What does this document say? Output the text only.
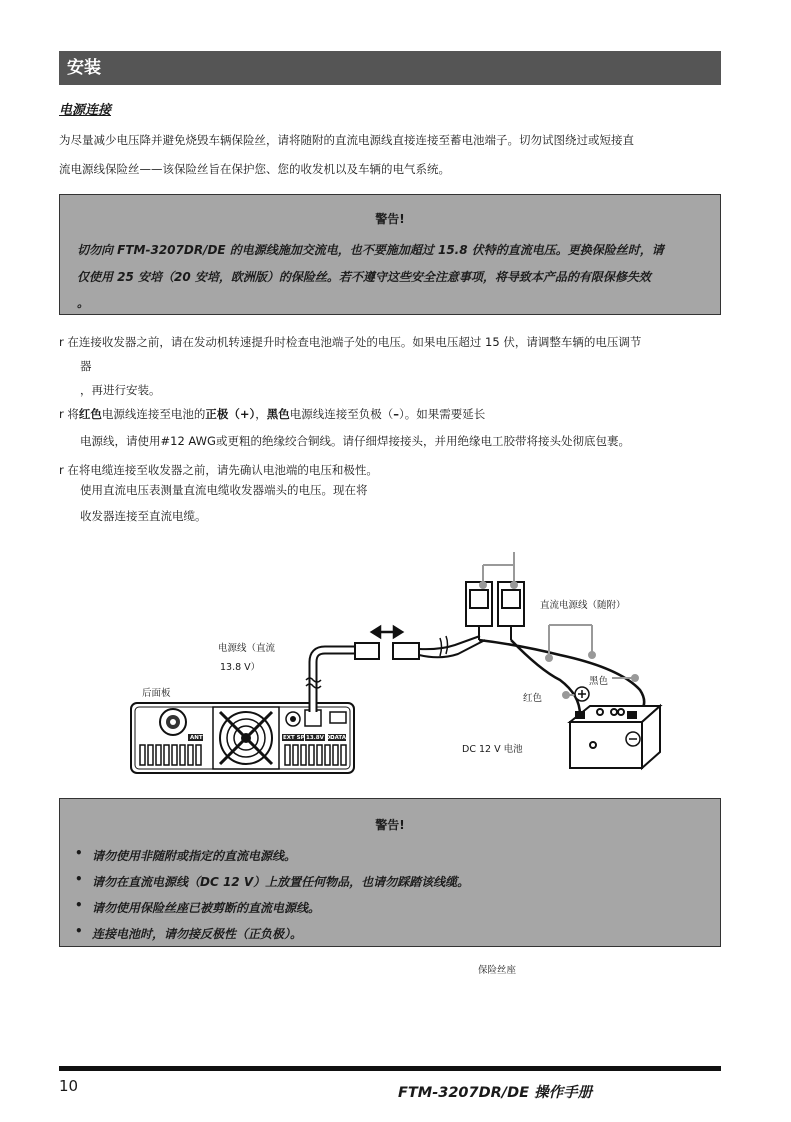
安装
电源连接
为尽量减少电压降并避免烧毁车辆保险丝，请将随附的直流电源线直接连接至蓄电池端子。切勿试图绕过或短接直
流电源线保险丝——该保险丝旨在保护您、您的收发机以及车辆的电气系统。
警告!
切勿向 FTM-3207DR/DE 的电源线施加交流电，也不要施加超过 15.8 伏特的直流电压。更换保险丝时，请
仅使用 25 安培（20 安培，欧洲版）的保险丝。若不遵守这些安全注意事项，将导致本产品的有限保修失效
。
r 在连接收发器之前，请在发动机转速提升时检查电池端子处的电压。如果电压超过 15 伏，请调整车辆的电压调节
器
，再进行安装。
r 将红色电源线连接至电池的正极（+），黑色电源线连接至负极（–）。如果需要延长
电源线，请使用#12 AWG或更粗的绝缘绞合铜线。请仔细焊接接头，并用绝缘电工胶带将接头处彻底包裹。
r 在将电缆连接至收发器之前，请先确认电池端的电压和极性。
使用直流电压表测量直流电缆收发器端头的电压。现在将
收发器连接至直流电缆。
电源线（直流
13.8 V）
后面板
直流电源线（随附）
黑色
红色
DC 12 V 电池
ANT	EXT SP 13.8V DC
DATA
警告!
• 请勿使用非随附或指定的直流电源线。
• 请勿在直流电源线（DC 12 V）上放置任何物品，也请勿踩踏该线缆。
• 请勿使用保险丝座已被剪断的直流电源线。
• 连接电池时，请勿接反极性（正负极）。
保险丝座
10	FTM-3207DR/DE 操作手册
